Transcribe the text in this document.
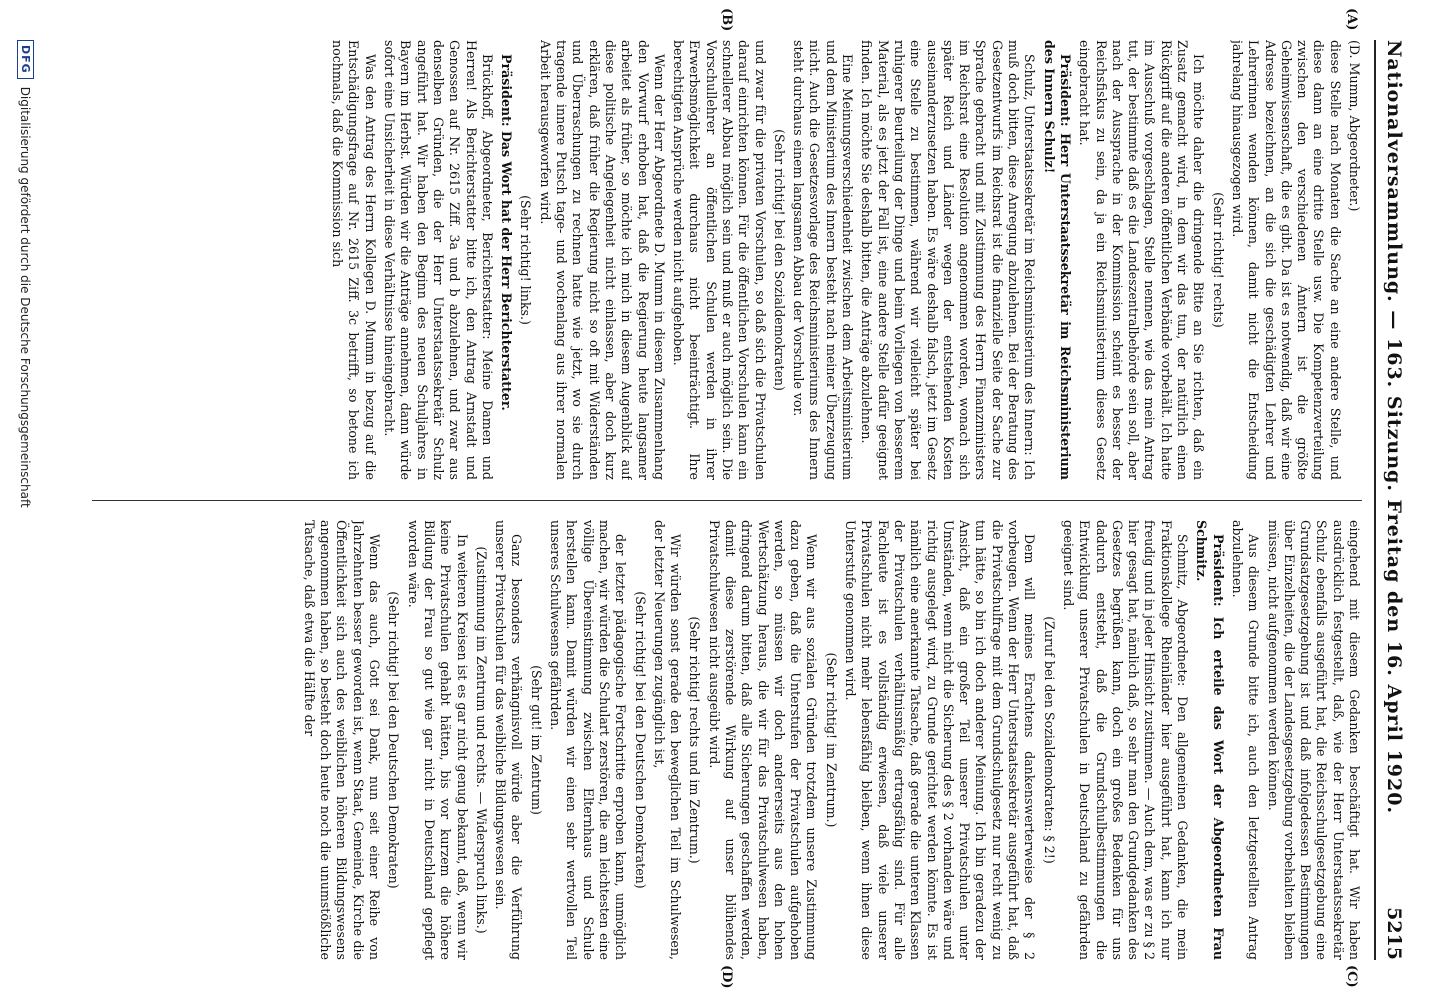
Nationalversammlung. — 163. Sitzung. Freitag den 16. April 1920.
5215
(A)
(B)
(C)
(D)

(D. Mumm, Abgeordneter.)

diese Stelle nach Monaten die Sache an eine andere Stelle, und diese dann an eine dritte Stelle usw. Die Kompetenzverteilung zwischen den verschiedenen Ämtern ist die größte Geheimwissenschaft, die es gibt. Da ist es notwendig, daß wir eine Adresse bezeichnen, an die sich die geschädigten Lehrer und Lehrerinnen wenden können, damit nicht die Entscheidung jahrelang hinausgezogen wird.

(Sehr richtig! rechts)

Ich möchte daher die dringende Bitte an Sie richten, daß ein Zusatz gemacht wird, in dem wir das tun, der natürlich einen Rückgriff auf die anderen öffentlichen Verbände vorbehält. Ich hatte im Ausschuß vorgeschlagen, Stelle nennen, wie das mein Antrag tut, der bestimmte daß es die Landeszentralbehörde sein soll, aber nach der Aussprache in der Kommission scheint es besser der Reichsfiskus zu sein, da ja ein Reichsministerium dieses Gesetz eingebracht hat.

Präsident: Herr Unterstaatssekretär im Reichsministerium des Innern Schulz!

Schulz, Unterstaatssekretär im Reichsministerium des Innern: Ich muß doch bitten, diese Anregung abzulehnen. Bei der Beratung des Gesetzentwurfs im Reichsrat ist die finanzielle Seite der Sache zur Sprache gebracht und mit Zustimmung des Herrn Finanzministers im Reichsrat eine Resolution angenommen worden, wonach sich später Reich und Länder wegen der entstehenden Kosten auseinanderzusetzen haben. Es wäre deshalb falsch, jetzt im Gesetz eine Stelle zu bestimmen, während wir vielleicht später bei ruhigerer Beurteilung der Dinge und beim Vorliegen von besserem Material, als es jetzt der Fall ist, eine andere Stelle dafür geeignet finden. Ich möchte Sie deshalb bitten, die Anträge abzulehnen.

Eine Meinungsverschiedenheit zwischen dem Arbeitsministerium und dem Ministerium des Innern besteht nach meiner Überzeugung nicht. Auch die Gesetzesvorlage des Reichsministeriums des Innern steht durchaus einem langsamen Abbau der Vorschule vor.

(Sehr richtig! bei den Sozialdemokraten)

und zwar für die privaten Vorschulen, so daß sich die Privatschulen darauf einrichten können. Für die öffentlichen Vorschulen kann ein schnellerer Abbau möglich sein und muß er auch möglich sein. Die Vorschullehrer an öffentlichen Schulen werden in ihrer Erwerbsmöglichkeit durchaus nicht beeinträchtigt. Ihre berechtigten Ansprüche werden nicht aufgehoben.

Wenn der Herr Abgeordnete D. Mumm in diesem Zusammenhang den Vorwurf erhoben hat, daß die Regierung heute langsamer arbeitet als früher, so möchte ich mich in diesem Augenblick auf diese politische Angelegenheit nicht einlassen, aber doch kurz erklären, daß früher die Regierung nicht so oft mit Widerständen und Überraschungen zu rechnen hatte wie jetzt, wo sie durch tragende innere Putsch tage- und wochenlang aus ihrer normalen Arbeit herausgeworfen wird.

(Sehr richtig! links.)

Präsident: Das Wort hat der Herr Berichterstatter.

Brückhoff, Abgeordneter, Berichterstatter: Meine Damen und Herren! Als Berichterstatter bitte ich, den Antrag Arnstadt und Genossen auf Nr. 2615 Ziff. 3a und b abzulehnen, und zwar aus denselben Gründen, die der Herr Unterstaatssekretär Schulz angeführt hat. Wir haben den Beginn des neuen Schuljahres in Bayern im Herbst. Würden wir die Anträge annehmen, dann würde sofort eine Unsicherheit in diese Verhältnisse hineingebracht.

Was den Antrag des Herrn Kollegen D. Mumm in bezug auf die Entschädigungsfrage auf Nr. 2615 Ziff. 3c betrifft, so betone ich nochmals, daß die Kommission sich

eingehend mit diesem Gedanken beschäftigt hat. Wir haben ausdrücklich festgestellt, daß, wie der Herr Unterstaatssekretär Schulz ebenfalls ausgeführt hat, die Reichsschulgesetzgebung eine Grundsatzgesetzgebung ist und daß infolgedessen Bestimmungen über Einzelheiten, die der Landesgesetzgebung vorbehalten bleiben müssen, nicht aufgenommen werden können.

Aus diesem Grunde bitte ich, auch den letztgestellten Antrag abzulehnen.

Präsident: Ich erteile das Wort der Abgeordneten Frau Schmitz.

Schmitz, Abgeordnete: Den allgemeinen Gedanken, die mein Fraktionskollege Rheinländer hier ausgeführt hat, kann ich nur freudig und in jeder Hinsicht zustimmen. — Auch dem, was er zu § 2 hier gesagt hat, nämlich daß, so sehr man den Grundgedanken des Gesetzes begrüßen kann, doch ein großes Bedenken für uns dadurch entsteht, daß die Grundschulbestimmungen die Entwicklung unserer Privatschulen in Deutschland zu gefährden geeignet sind.

(Zuruf bei den Sozialdemokraten: § 2!)

Dem will meines Erachtens dankenswerterweise der § 2 vorbeugen. Wenn der Herr Unterstaatssekretär ausgeführt hat, daß die Privatschulfrage mit dem Grundschulgesetz nur recht wenig zu tun hätte, so bin ich doch anderer Meinung. Ich bin geradezu der Ansicht, daß ein großer Teil unserer Privatschulen unter Umständen, wenn nicht die Sicherung des § 2 vorhanden wäre und richtig ausgelegt wird, zu Grunde gerichtet werden könnte. Es ist nämlich eine anerkannte Tatsache, daß gerade die unteren Klassen der Privatschulen verhältnismäßig ertragsfähig sind. Für alle Fachleute ist es vollständig erwiesen, daß viele unserer Privatschulen nicht mehr lebensfähig bleiben, wenn ihnen diese Unterstufe genommen wird.

(Sehr richtig! im Zentrum.)

Wenn wir aus sozialen Gründen trotzdem unsere Zustimmung dazu geben, daß die Unterstufen der Privatschulen aufgehoben werden, so müssen wir doch andererseits aus den hohen Wertschätzung heraus, die wir für das Privatschulwesen haben, dringend darum bitten, daß alle Sicherungen geschaffen werden, damit diese zerstörende Wirkung auf unser blühendes Privatschulwesen nicht ausgeübt wird.

(Sehr richtig! rechts und im Zentrum.)

Wir würden sonst gerade den beweglichen Teil im Schulwesen, der letzter Neuerungen zugänglich ist,

(Sehr richtig! bei den Deutschen Demokraten)

der letzter pädagogische Fortschritte erproben kann, unmöglich machen, wir würden die Schulart zerstören, die am leichtesten eine völlige Übereinstimmung zwischen Elternhaus und Schule herstellen kann. Damit würden wir einen sehr wertvollen Teil unseres Schulwesens gefährden.

(Sehr gut! im Zentrum)

Ganz besonders verhängnisvoll würde aber die Verführung unserer Privatschulen für das weibliche Bildungswesen sein.

(Zustimmung im Zentrum und rechts. — Widerspruch links.)

In weiteren Kreisen ist es gar nicht genug bekannt, daß, wenn wir keine Privatschulen gehabt hätten, bis vor kurzem die höhere Bildung der Frau so gut wie gar nicht in Deutschland gepflegt worden wäre.

(Sehr richtig! bei den Deutschen Demokraten)

Wenn das auch, Gott sei Dank, nun seit einer Reihe von Jahrzehnten besser geworden ist, wenn Staat, Gemeinde, Kirche die Öffentlichkeit sich auch des weiblichen höheren Bildungswesens angenommen haben, so besteht doch heute noch die unumstößliche Tatsache, daß etwa die Hälfte der

DFG
Digitalisierung gefördert durch die Deutsche Forschungsgemeinschaft
